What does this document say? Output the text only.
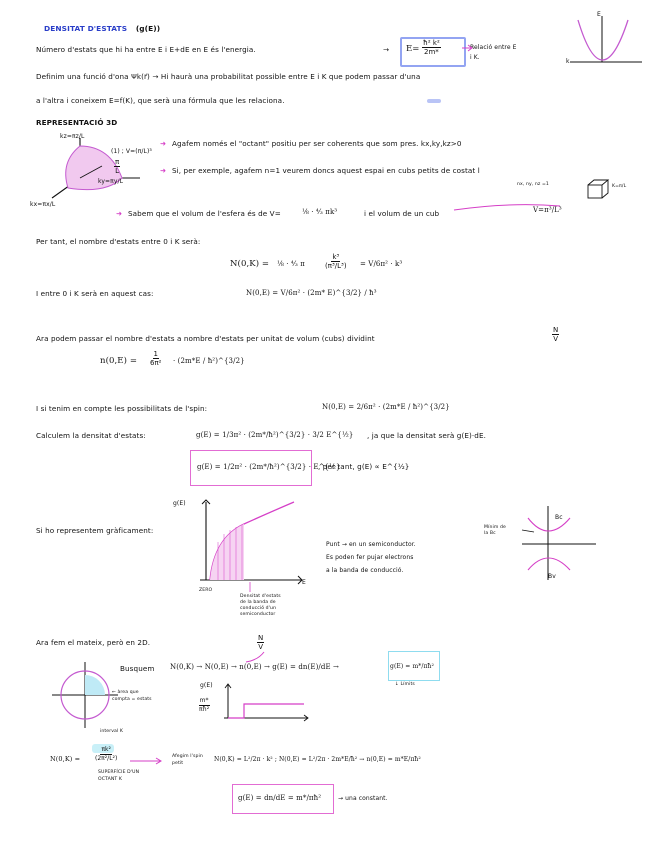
DENSITAT D'ESTATS (g(E))
E
k
Número d'estats que hi ha entre E i E+dE en E és l'energia.	→ $E= \frac{\text{ħ² k²}}{2m*}$	Relació entre E
i K.
Definim una funció d'ona Ψk(r⃗) → Hi haurà una probabilitat possible entre E i K que podem passar d'una
a l'altra i coneixem E=f(K), que serà una fórmula que les relaciona.
REPRESENTACIÓ 3D
kz=πz/L
ky=πy/L
kx=πx/L
(1) ; V=(π/L)³
$\frac{\pi}{L}$
➜ Agafem només el "octant" positiu per ser coherents que som pres. kx,ky,kz>0
➜ Si, per exemple, agafem n=1 veurem doncs aquest espai en cubs petits de costat l
nx, ny, nz =1	K=π/L
➜ Sabem que el volum de l'esfera és de V=	⅛ · ⁴⁄₃ πk³	i el volum de un cub	V=π³/L³
Per tant, el nombre d'estats entre 0 i K serà:
N(0,K) = ⅛ · ⁴⁄₃ π	$\frac{\text{k³}}{\text{(π³/L³)}} = V/6\pi^2 \cdot k^3$
I entre 0 i K serà en aquest cas:	N(0,E) = V/6π² · (2m* E)^{3/2} / ħ³
Ara podem passar el nombre d'estats a nombre d'estats per unitat de volum (cubs) dividint	$\frac{N}{V}$
$n(0,E) = \frac{1}{\text{6π²}} \cdot (2m*E$ / ħ²)^{3/2}
I si tenim en compte les possibilitats de l'spin:	N(0,E) = 2/6π² · (2m*E / ħ²)^{3/2}
Calculem la densitat d'estats:	g(E) = 1/3π² · (2m*/ħ²)^{3/2} · 3/2 E^{½} , ja que la densitat serà g(E)·dE.
g(E) = 1/2π² · (2m*/ħ²)^{3/2} · E^{½}
, per tant, g(E) ∝ E^{½}
Si ho representem gràficament:
g(E)
E
ZERO
Densitat d'estats
de la banda de
conducció d'un
semiconductor
Punt → en un semiconductor.
Es poden fer pujar electrons
a la banda de conducció.
Mínim de
la Bc
Bc
Bv
Ara fem el mateix, però en 2D.	$\frac{N}{V}$
Busquem N(0,K) → N(0,E) → n(0,E) → g(E) = dn(E)/dE →	g(E) = m*/πħ²
↓ Límits
← àrea que
compta = estats
interval K
g(E)
$\frac{m*}{\text{πħ²}}$
$N(0,K) = \frac{\text{πk²}}{\text{(2π²/L²)}}$
SUPERFÍCIE D'UN
OCTANT K
Afegim l'spin
petit
N(0,K) = L²/2π · k² ; N(0,E) = L²/2π · 2m*E/ħ² → n(0,E) = m*E/πħ²
g(E) = dn/dE = m*/πħ²	→ una constant.
